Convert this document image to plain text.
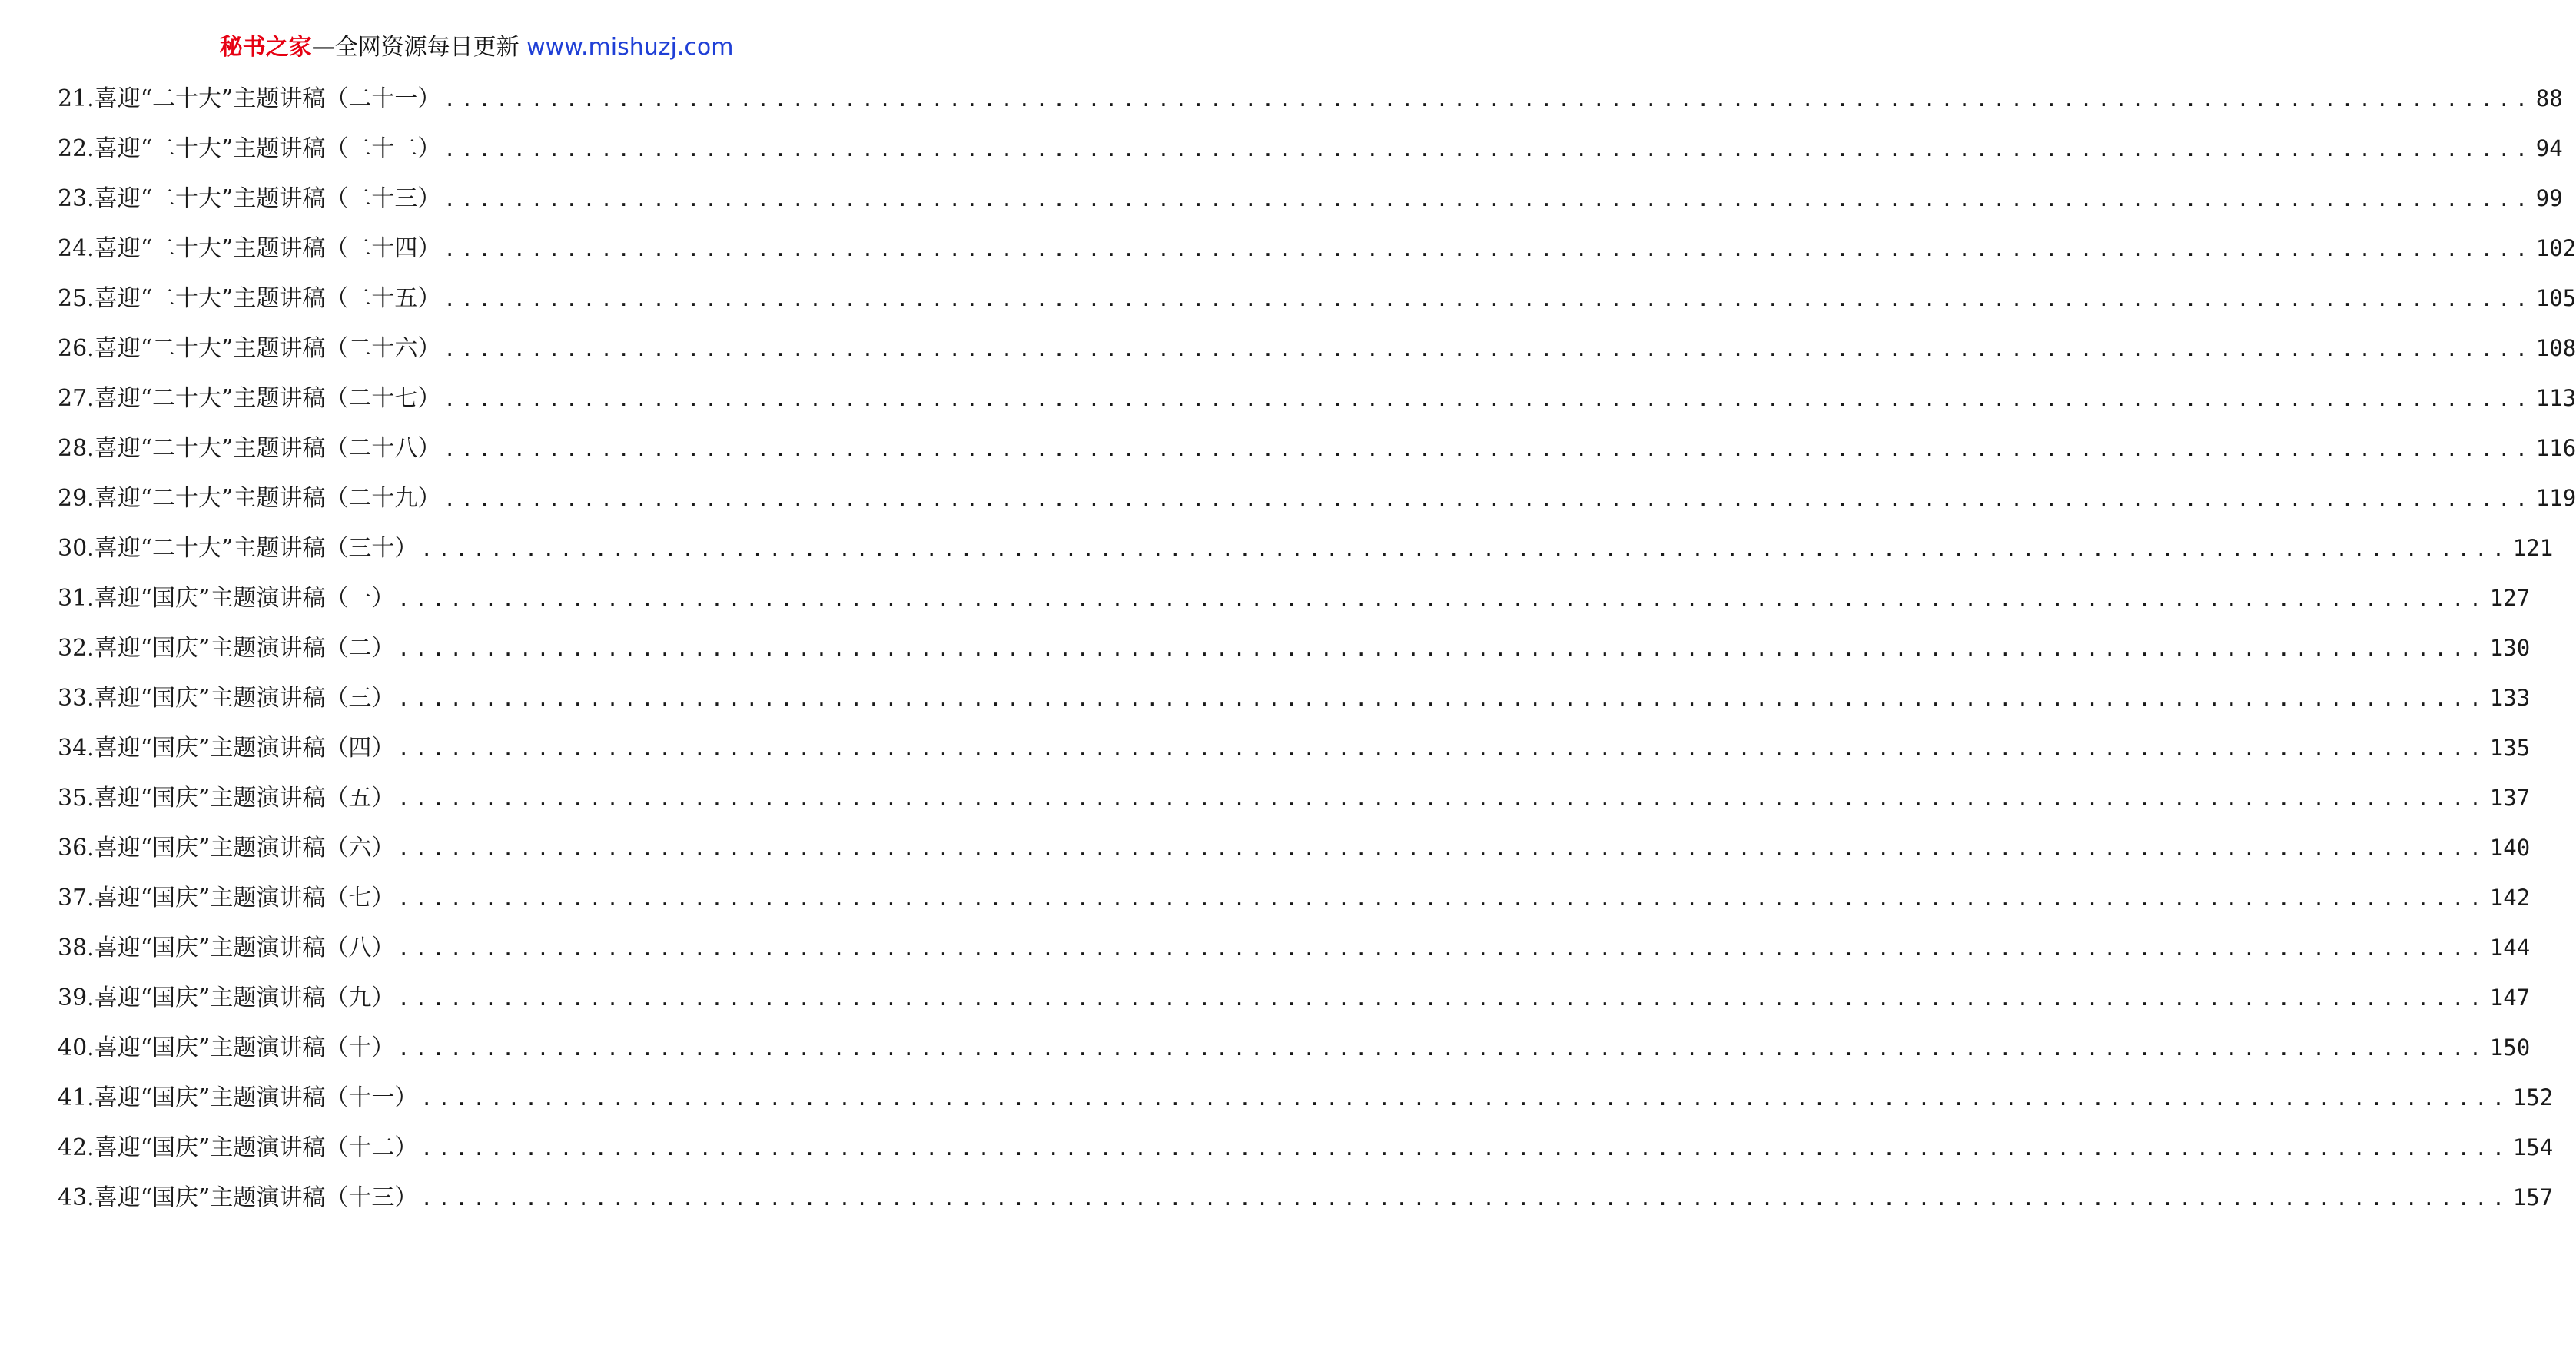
秘书之家—全网资源每日更新 www.mishuzj.com
21.喜迎“二十大”主题讲稿（二十一） ........................................................................................................................ 88
22.喜迎“二十大”主题讲稿（二十二） ........................................................................................................................ 94
23.喜迎“二十大”主题讲稿（二十三） ........................................................................................................................ 99
24.喜迎“二十大”主题讲稿（二十四） ........................................................................................................................ 102
25.喜迎“二十大”主题讲稿（二十五） ........................................................................................................................ 105
26.喜迎“二十大”主题讲稿（二十六） ........................................................................................................................ 108
27.喜迎“二十大”主题讲稿（二十七） ........................................................................................................................ 113
28.喜迎“二十大”主题讲稿（二十八） ........................................................................................................................ 116
29.喜迎“二十大”主题讲稿（二十九） ........................................................................................................................ 119
30.喜迎“二十大”主题讲稿（三十） ........................................................................................................................ 121
31.喜迎“国庆”主题演讲稿（一） ........................................................................................................................ 127
32.喜迎“国庆”主题演讲稿（二） ........................................................................................................................ 130
33.喜迎“国庆”主题演讲稿（三） ........................................................................................................................ 133
34.喜迎“国庆”主题演讲稿（四） ........................................................................................................................ 135
35.喜迎“国庆”主题演讲稿（五） ........................................................................................................................ 137
36.喜迎“国庆”主题演讲稿（六） ........................................................................................................................ 140
37.喜迎“国庆”主题演讲稿（七） ........................................................................................................................ 142
38.喜迎“国庆”主题演讲稿（八） ........................................................................................................................ 144
39.喜迎“国庆”主题演讲稿（九） ........................................................................................................................ 147
40.喜迎“国庆”主题演讲稿（十） ........................................................................................................................ 150
41.喜迎“国庆”主题演讲稿（十一） ........................................................................................................................ 152
42.喜迎“国庆”主题演讲稿（十二） ........................................................................................................................ 154
43.喜迎“国庆”主题演讲稿（十三） ........................................................................................................................ 157
